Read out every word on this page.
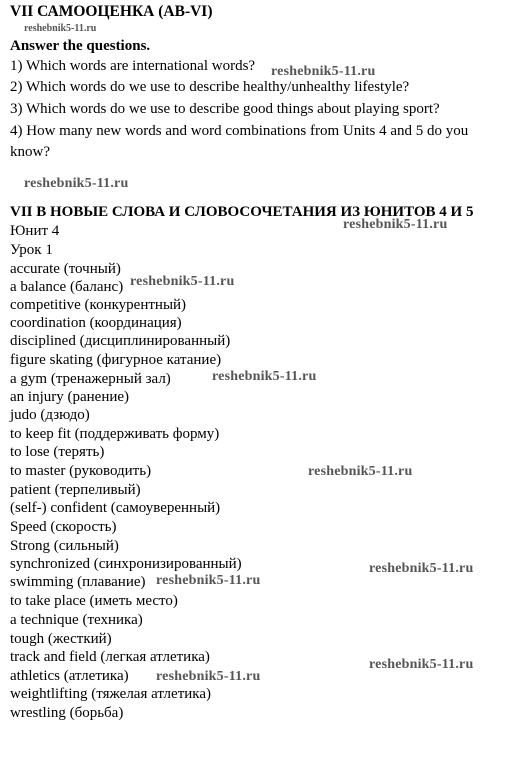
VII САМООЦЕНКА (AB-VI)
reshebnik5-11.ru
Answer the questions.
1) Which words are international words? reshebnik5-11.ru
2) Which words do we use to describe healthy/unhealthy lifestyle?
3) Which words do we use to describe good things about playing sport?
4) How many new words and word combinations from Units 4 and 5 do you
know?
reshebnik5-11.ru
VII В НОВЫЕ СЛОВА И СЛОВОСОЧЕТАНИЯ ИЗ ЮНИТОВ 4 И 5
reshebnik5-11.ru
Юнит 4
Урок 1
accurate (точный)
a balance (баланс) reshebnik5-11.ru
competitive (конкурентный)
coordination (координация)
disciplined (дисциплинированный)
figure skating (фигурное катание)
a gym (тренажерный зал)	reshebnik5-11.ru
an injury (ранение)
judo (дзюдо)
to keep fit (поддерживать форму)
to lose (терять)
to master (руководить)	reshebnik5-11.ru
patient (терпеливый)
(self-) confident (самоуверенный)
Speed (скорость)
Strong (сильный)
synchronized (синхронизированный)	reshebnik5-11.ru
swimming (плавание) reshebnik5-11.ru
to take place (иметь место)
a technique (техника)
tough (жесткий)
track and field (легкая атлетика)	reshebnik5-11.ru
athletics (атлетика) reshebnik5-11.ru
weightlifting (тяжелая атлетика)
wrestling (борьба)
